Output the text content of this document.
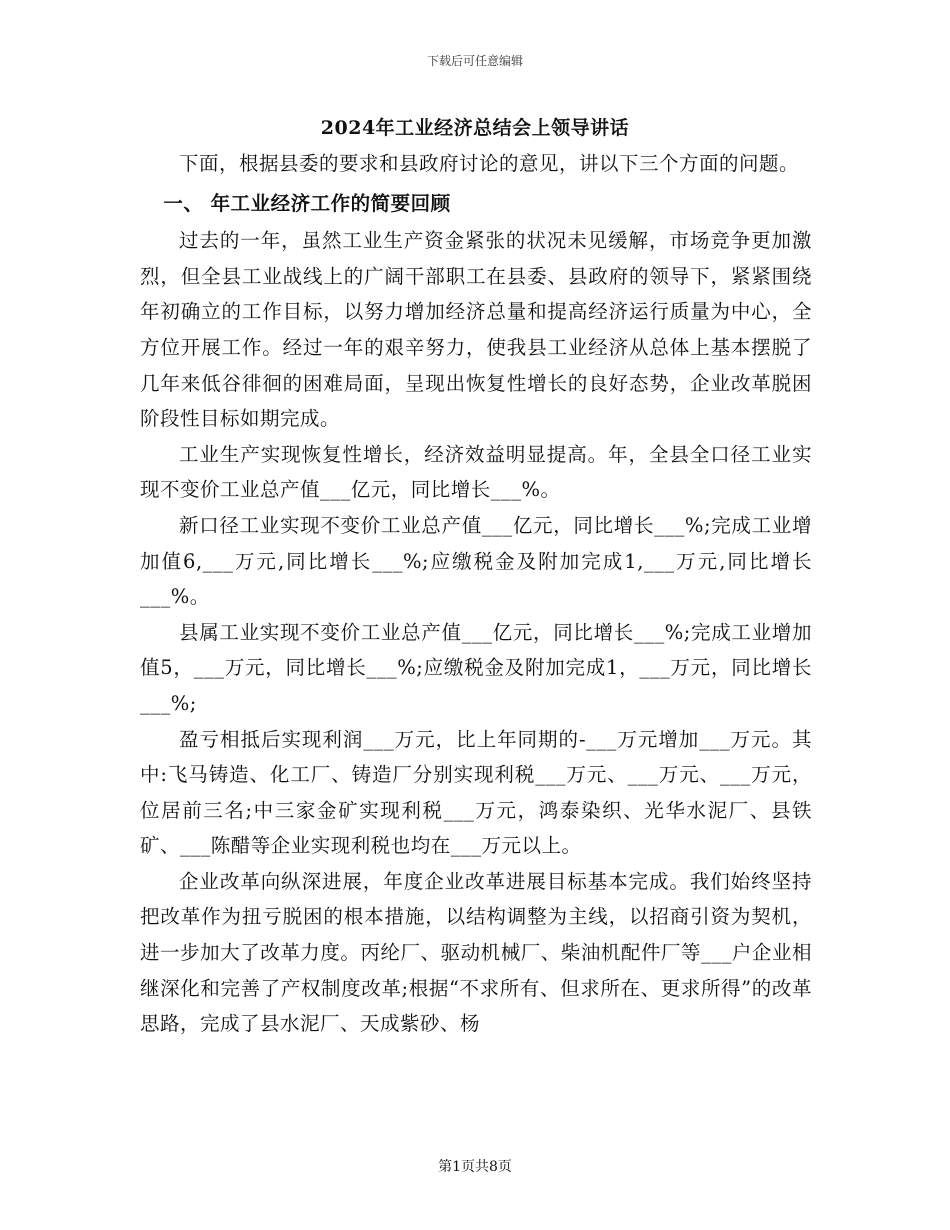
下载后可任意编辑
2024年工业经济总结会上领导讲话

下面，根据县委的要求和县政府讨论的意见，讲以下三个方面的问题。

一、 年工业经济工作的简要回顾

过去的一年，虽然工业生产资金紧张的状况未见缓解，市场竞争更加激烈，但全县工业战线上的广阔干部职工在县委、县政府的领导下，紧紧围绕年初确立的工作目标，以努力增加经济总量和提高经济运行质量为中心，全方位开展工作。经过一年的艰辛努力，使我县工业经济从总体上基本摆脱了几年来低谷徘徊的困难局面，呈现出恢复性增长的良好态势，企业改革脱困阶段性目标如期完成。

工业生产实现恢复性增长，经济效益明显提高。年，全县全口径工业实现不变价工业总产值___亿元，同比增长___%。

新口径工业实现不变价工业总产值___亿元，同比增长___%;完成工业增加值6,___万元,同比增长___%;应缴税金及附加完成1,___万元,同比增长___%。

县属工业实现不变价工业总产值___亿元，同比增长___%;完成工业增加值5，___万元，同比增长___%;应缴税金及附加完成1，___万元，同比增长___%;

盈亏相抵后实现利润___万元，比上年同期的-___万元增加___万元。其中:飞马铸造、化工厂、铸造厂分别实现利税___万元、___万元、___万元，位居前三名;中三家金矿实现利税___万元，鸿泰染织、光华水泥厂、县铁矿、___陈醋等企业实现利税也均在___万元以上。

企业改革向纵深进展，年度企业改革进展目标基本完成。我们始终坚持把改革作为扭亏脱困的根本措施，以结构调整为主线，以招商引资为契机，进一步加大了改革力度。丙纶厂、驱动机械厂、柴油机配件厂等___户企业相继深化和完善了产权制度改革;根据“不求所有、但求所在、更求所得”的改革思路，完成了县水泥厂、天成紫砂、杨

第1页共8页
